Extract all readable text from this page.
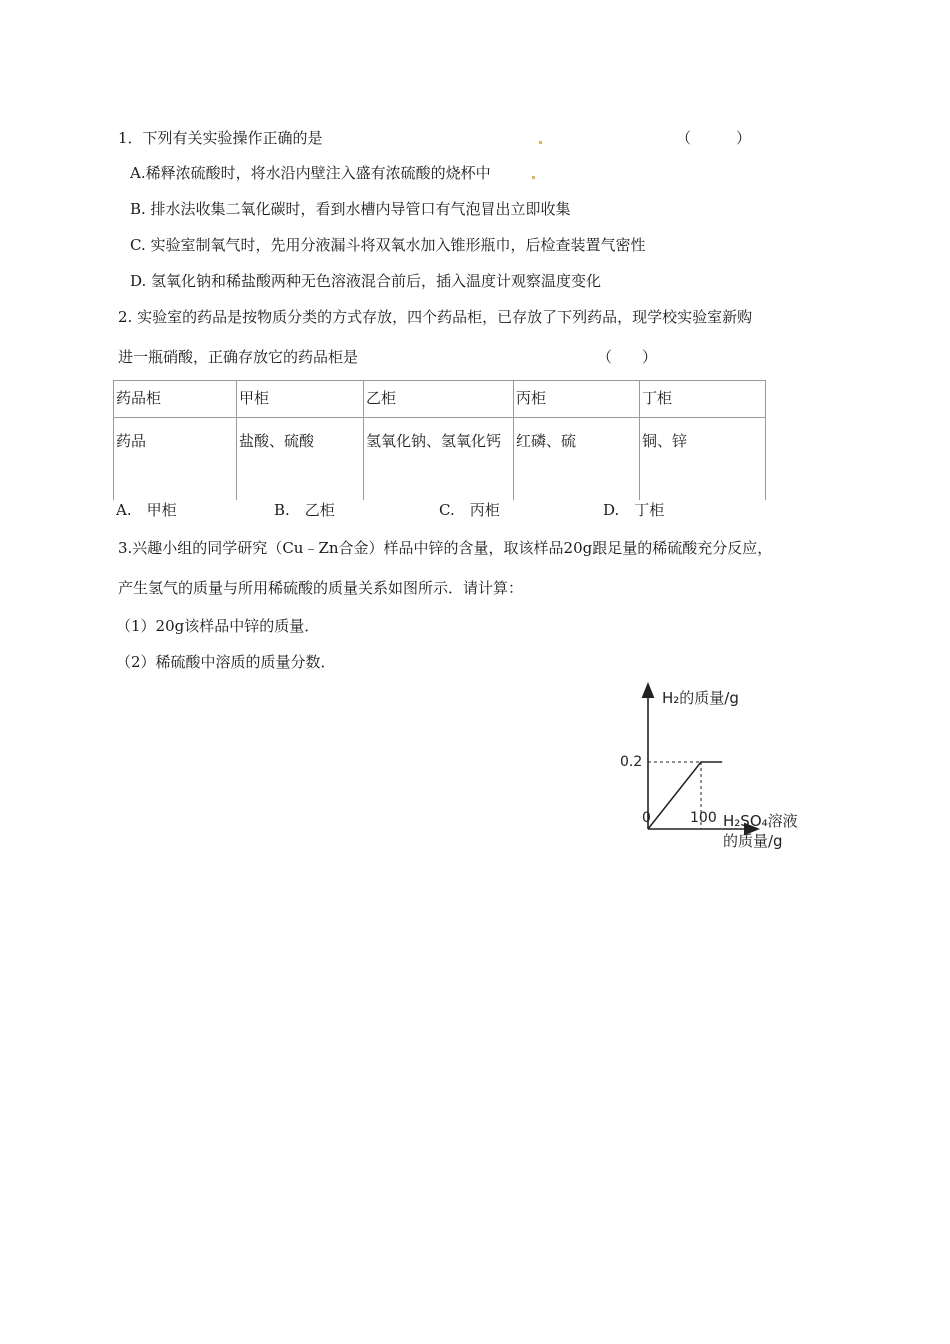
1．下列有关实验操作正确的是	（　　　）
A.稀释浓硫酸时，将水沿内壁注入盛有浓硫酸的烧杯中
B. 排水法收集二氧化碳时，看到水槽内导管口有气泡冒出立即收集
C. 实验室制氧气时，先用分液漏斗将双氧水加入锥形瓶巾，后检查装置气密性
D. 氢氧化钠和稀盐酸两种无色溶液混合前后，插入温度计观察温度变化
2. 实验室的药品是按物质分类的方式存放，四个药品柜，已存放了下列药品，现学校实验室新购
进一瓶硝酸，正确存放它的药品柜是	（　　）
药品柜	甲柜	乙柜	丙柜	丁柜
药品	盐酸、硫酸	氢氧化钠、氢氧化钙	红磷、硫	铜、锌
A.　甲柜	B.　乙柜	C.　丙柜	D.　丁柜
3.兴趣小组的同学研究（Cu﹣Zn合金）样品中锌的含量，取该样品20g跟足量的稀硫酸充分反应，
产生氢气的质量与所用稀硫酸的质量关系如图所示．请计算：
（1）20g该样品中锌的质量．
（2）稀硫酸中溶质的质量分数．
H₂的质量/g
H₂SO₄溶液
的质量/g
0	100
0.2
